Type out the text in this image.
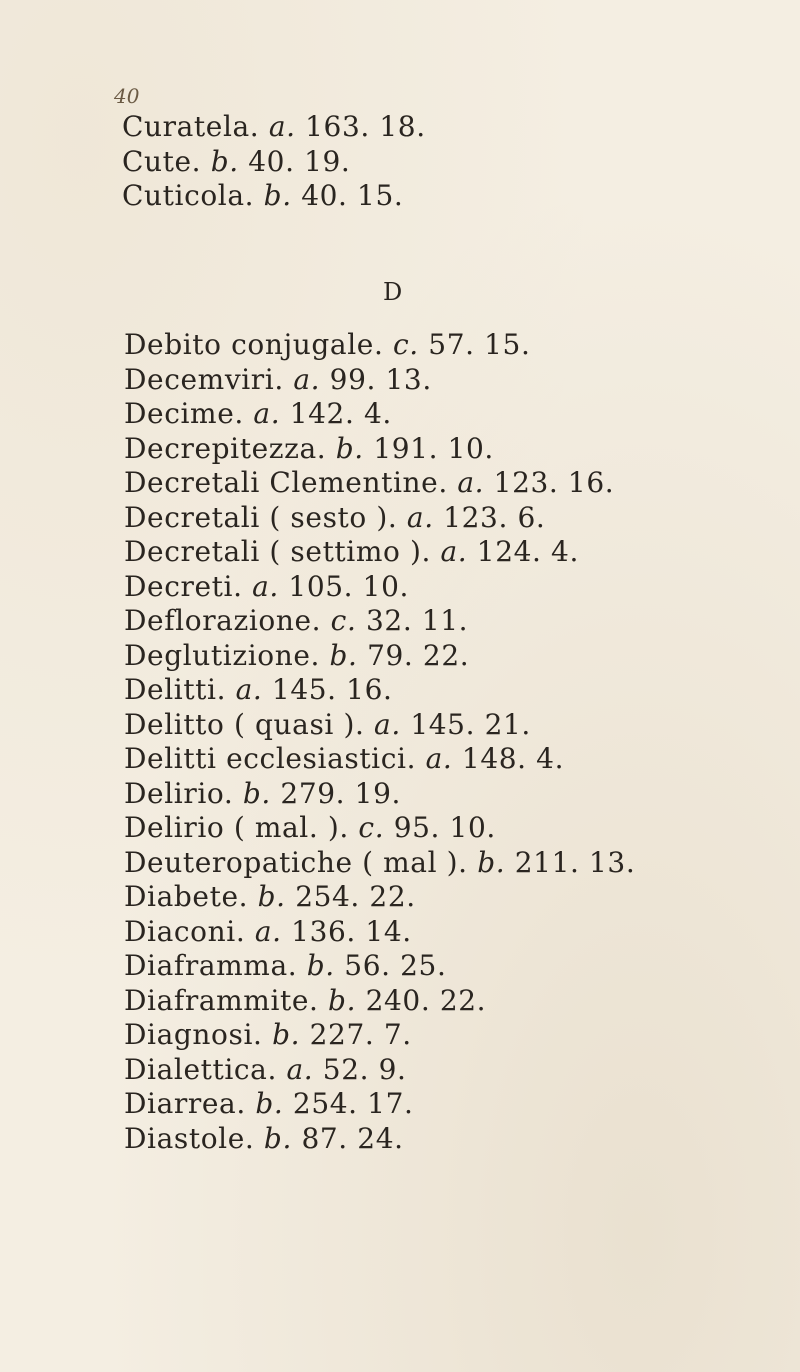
40
Curatela. a. 163. 18.
Cute. b. 40. 19.
Cuticola. b. 40. 15.
D
Debito conjugale. c. 57. 15.
Decemviri. a. 99. 13.
Decime. a. 142. 4.
Decrepitezza. b. 191. 10.
Decretali Clementine. a. 123. 16.
Decretali ( sesto ). a. 123. 6.
Decretali ( settimo ). a. 124. 4.
Decreti. a. 105. 10.
Deflorazione. c. 32. 11.
Deglutizione. b. 79. 22.
Delitti. a. 145. 16.
Delitto ( quasi ). a. 145. 21.
Delitti ecclesiastici. a. 148. 4.
Delirio. b. 279. 19.
Delirio ( mal. ). c. 95. 10.
Deuteropatiche ( mal ). b. 211. 13.
Diabete. b. 254. 22.
Diaconi. a. 136. 14.
Diaframma. b. 56. 25.
Diaframmite. b. 240. 22.
Diagnosi. b. 227. 7.
Dialettica. a. 52. 9.
Diarrea. b. 254. 17.
Diastole. b. 87. 24.
